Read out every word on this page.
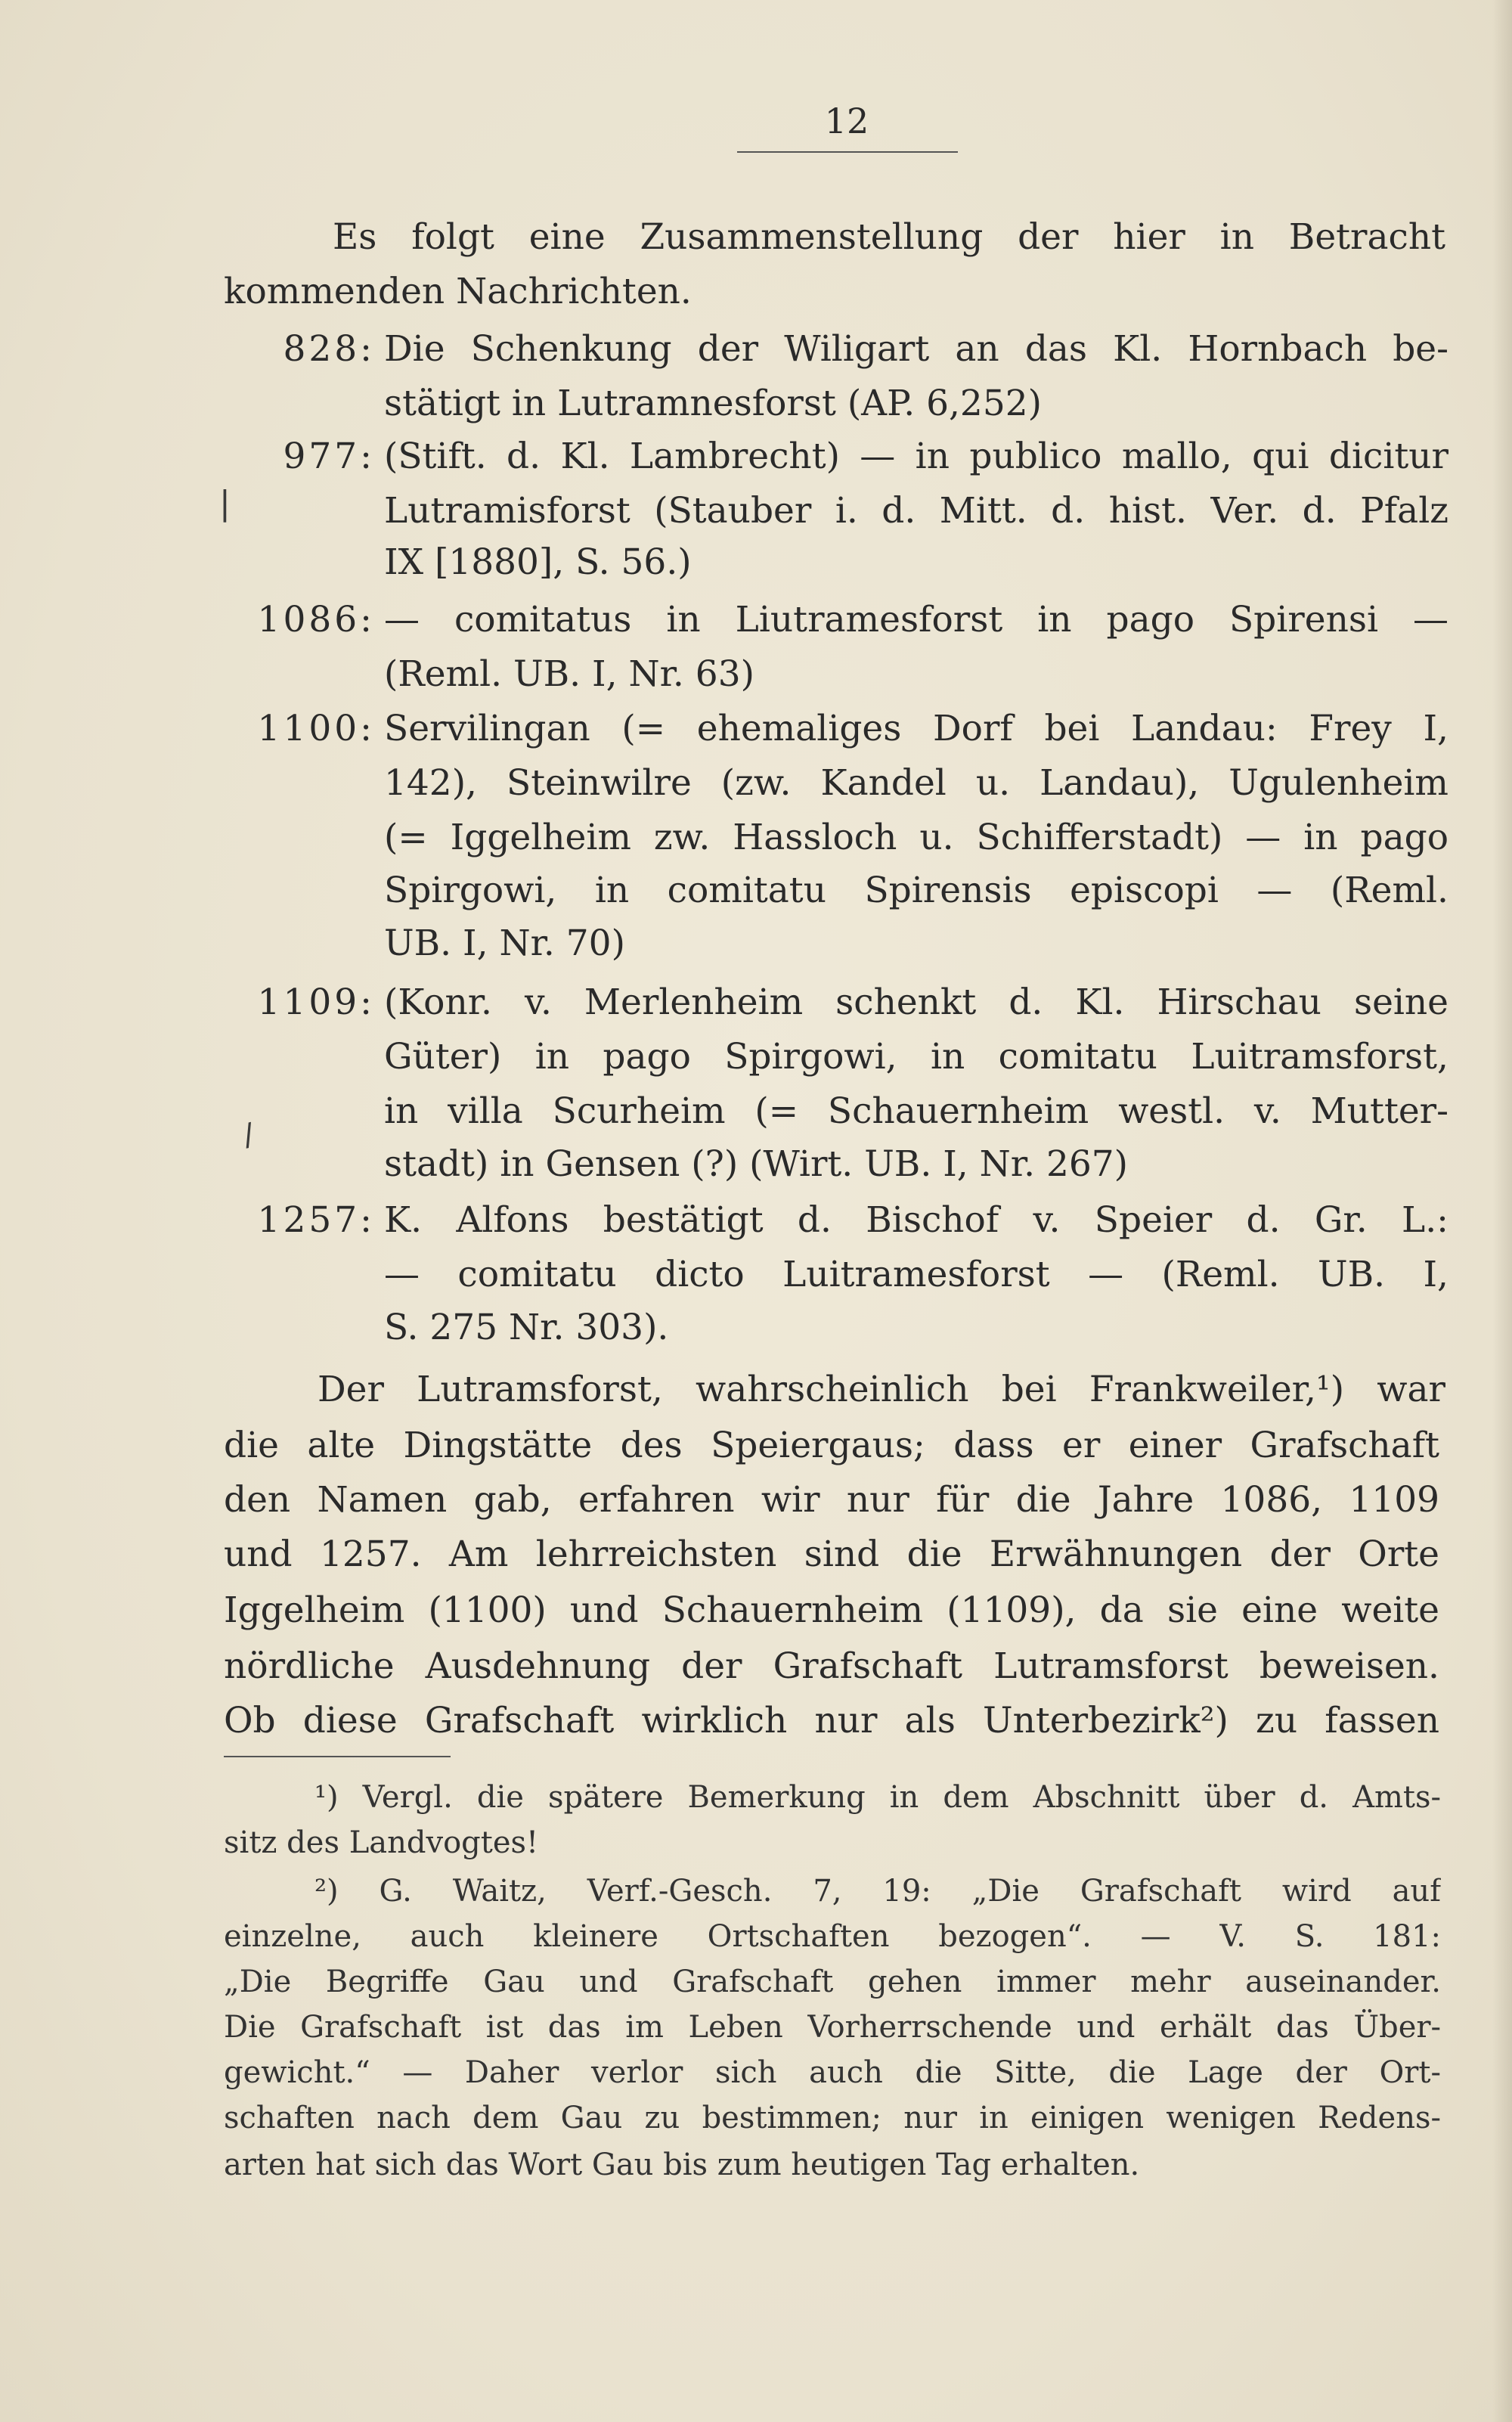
12
Es folgt eine Zusammenstellung der hier in Betracht
kommenden Nachrichten.
828: Die Schenkung der Wiligart an das Kl. Hornbach be-
stätigt in Lutramnesforst (AP. 6,252)
977: (Stift. d. Kl. Lambrecht) — in publico mallo, qui dicitur
Lutramisforst (Stauber i. d. Mitt. d. hist. Ver. d. Pfalz
IX [1880], S. 56.)
1086: — comitatus in Liutramesforst in pago Spirensi —
(Reml. UB. I, Nr. 63)
1100: Servilingan (= ehemaliges Dorf bei Landau: Frey I,
142), Steinwilre (zw. Kandel u. Landau), Ugulenheim
(= Iggelheim zw. Hassloch u. Schifferstadt) — in pago
Spirgowi, in comitatu Spirensis episcopi — (Reml.
UB. I, Nr. 70)
1109: (Konr. v. Merlenheim schenkt d. Kl. Hirschau seine
Güter) in pago Spirgowi, in comitatu Luitramsforst,
in villa Scurheim (= Schauernheim westl. v. Mutter-
stadt) in Gensen (?) (Wirt. UB. I, Nr. 267)
1257: K. Alfons bestätigt d. Bischof v. Speier d. Gr. L.:
— comitatu dicto Luitramesforst — (Reml. UB. I,
S. 275 Nr. 303).
Der Lutramsforst, wahrscheinlich bei Frankweiler,¹) war
die alte Dingstätte des Speiergaus; dass er einer Grafschaft
den Namen gab, erfahren wir nur für die Jahre 1086, 1109
und 1257. Am lehrreichsten sind die Erwähnungen der Orte
Iggelheim (1100) und Schauernheim (1109), da sie eine weite
nördliche Ausdehnung der Grafschaft Lutramsforst beweisen.
Ob diese Grafschaft wirklich nur als Unterbezirk²) zu fassen
¹) Vergl. die spätere Bemerkung in dem Abschnitt über d. Amts-
sitz des Landvogtes!
²) G. Waitz, Verf.-Gesch. 7, 19: „Die Grafschaft wird auf
einzelne, auch kleinere Ortschaften bezogen“. — V. S. 181:
„Die Begriffe Gau und Grafschaft gehen immer mehr auseinander.
Die Grafschaft ist das im Leben Vorherrschende und erhält das Über-
gewicht.“ — Daher verlor sich auch die Sitte, die Lage der Ort-
schaften nach dem Gau zu bestimmen; nur in einigen wenigen Redens-
arten hat sich das Wort Gau bis zum heutigen Tag erhalten.
|
/
